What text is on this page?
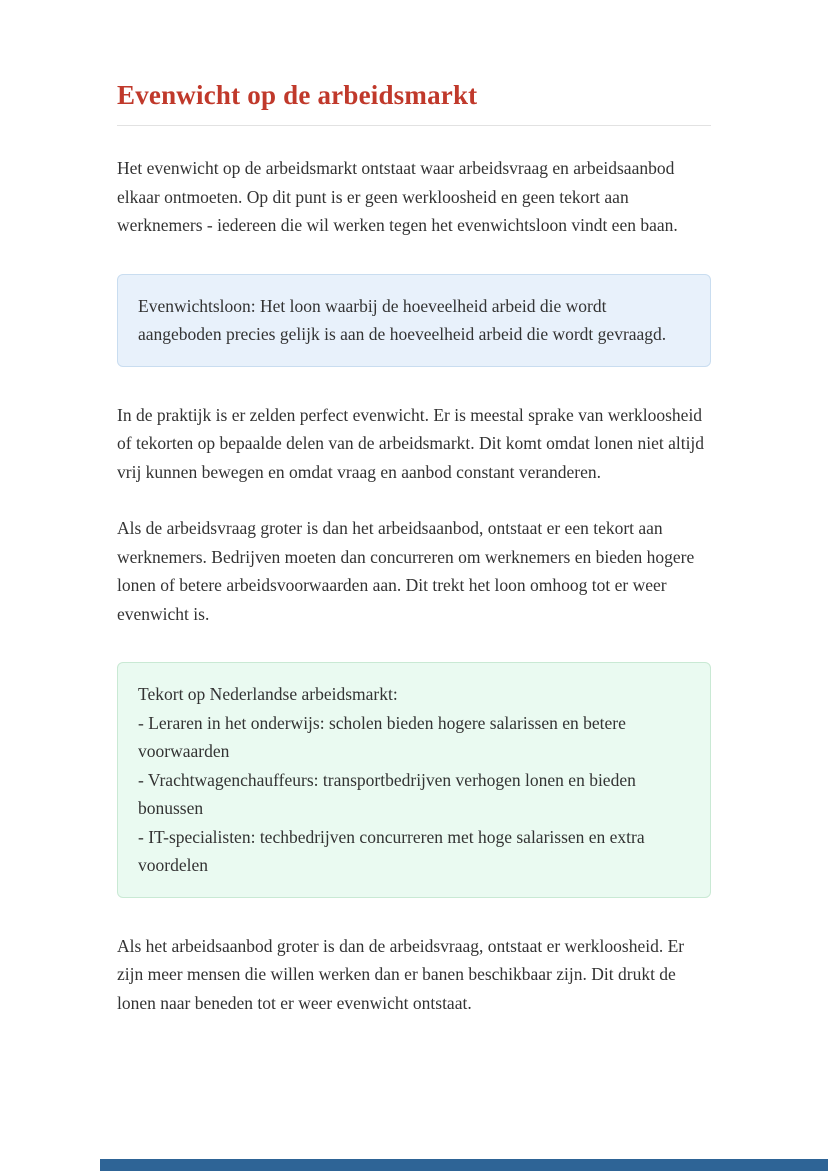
Evenwicht op de arbeidsmarkt

Het evenwicht op de arbeidsmarkt ontstaat waar arbeidsvraag en arbeidsaanbod elkaar ontmoeten. Op dit punt is er geen werkloosheid en geen tekort aan werknemers - iedereen die wil werken tegen het evenwichtsloon vindt een baan.

Evenwichtsloon: Het loon waarbij de hoeveelheid arbeid die wordt aangeboden precies gelijk is aan de hoeveelheid arbeid die wordt gevraagd.

In de praktijk is er zelden perfect evenwicht. Er is meestal sprake van werkloosheid of tekorten op bepaalde delen van de arbeidsmarkt. Dit komt omdat lonen niet altijd vrij kunnen bewegen en omdat vraag en aanbod constant veranderen.

Als de arbeidsvraag groter is dan het arbeidsaanbod, ontstaat er een tekort aan werknemers. Bedrijven moeten dan concurreren om werknemers en bieden hogere lonen of betere arbeidsvoorwaarden aan. Dit trekt het loon omhoog tot er weer evenwicht is.

Tekort op Nederlandse arbeidsmarkt:
- Leraren in het onderwijs: scholen bieden hogere salarissen en betere voorwaarden
- Vrachtwagenchauffeurs: transportbedrijven verhogen lonen en bieden bonussen
- IT-specialisten: techbedrijven concurreren met hoge salarissen en extra voordelen

Als het arbeidsaanbod groter is dan de arbeidsvraag, ontstaat er werkloosheid. Er zijn meer mensen die willen werken dan er banen beschikbaar zijn. Dit drukt de lonen naar beneden tot er weer evenwicht ontstaat.
